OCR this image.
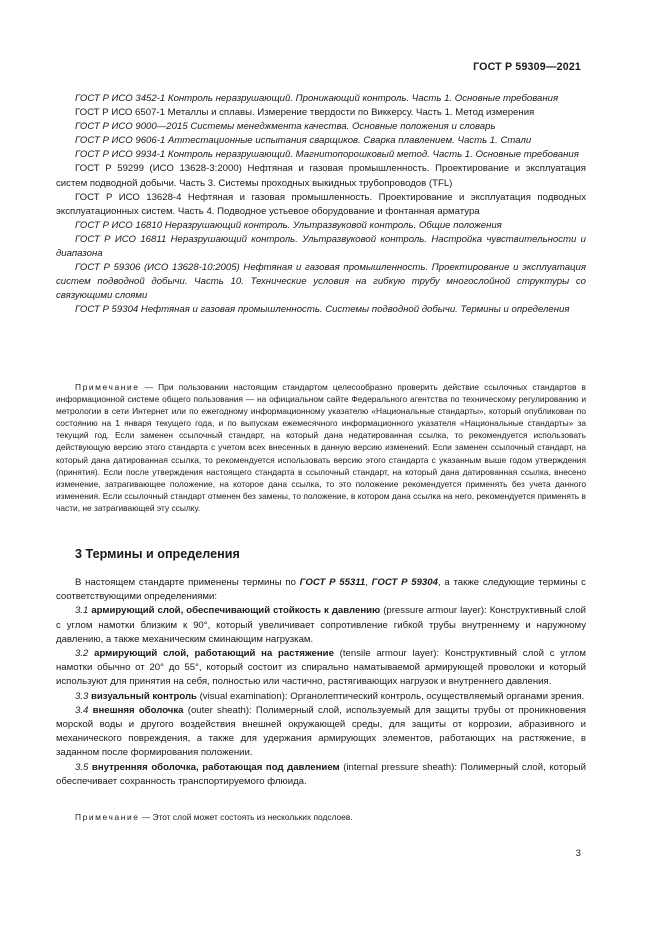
ГОСТ Р 59309—2021

ГОСТ Р ИСО 3452-1 Контроль неразрушающий. Проникающий контроль. Часть 1. Основные требования

ГОСТ Р ИСО 6507-1 Металлы и сплавы. Измерение твердости по Виккерсу. Часть 1. Метод измерения

ГОСТ Р ИСО 9000—2015 Системы менеджмента качества. Основные положения и словарь

ГОСТ Р ИСО 9606-1 Аттестационные испытания сварщиков. Сварка плавлением. Часть 1. Стали

ГОСТ Р ИСО 9934-1 Контроль неразрушающий. Магнитопорошковый метод. Часть 1. Основные требования

ГОСТ Р 59299 (ИСО 13628-3:2000) Нефтяная и газовая промышленность. Проектирование и эксплуатация систем подводной добычи. Часть 3. Системы проходных выкидных трубопроводов (TFL)

ГОСТ Р ИСО 13628-4 Нефтяная и газовая промышленность. Проектирование и эксплуатация подводных эксплуатационных систем. Часть 4. Подводное устьевое оборудование и фонтанная арматура

ГОСТ Р ИСО 16810 Неразрушающий контроль. Ультразвуковой контроль. Общие положения

ГОСТ Р ИСО 16811 Неразрушающий контроль. Ультразвуковой контроль. Настройка чувствительности и диапазона

ГОСТ Р 59306 (ИСО 13628-10:2005) Нефтяная и газовая промышленность. Проектирование и эксплуатация систем подводной добычи. Часть 10. Технические условия на гибкую трубу многослойной структуры со связующими слоями

ГОСТ Р 59304 Нефтяная и газовая промышленность. Системы подводной добычи. Термины и определения

Примечание — При пользовании настоящим стандартом целесообразно проверить действие ссылочных стандартов в информационной системе общего пользования — на официальном сайте Федерального агентства по техническому регулированию и метрологии в сети Интернет или по ежегодному информационному указателю «Национальные стандарты», который опубликован по состоянию на 1 января текущего года, и по выпускам ежемесячного информационного указателя «Национальные стандарты» за текущий год. Если заменен ссылочный стандарт, на который дана недатированная ссылка, то рекомендуется использовать действующую версию этого стандарта с учетом всех внесенных в данную версию изменений. Если заменен ссылочный стандарт, на который дана датированная ссылка, то рекомендуется использовать версию этого стандарта с указанным выше годом утверждения (принятия). Если после утверждения настоящего стандарта в ссылочный стандарт, на который дана датированная ссылка, внесено изменение, затрагивающее положение, на которое дана ссылка, то это положение рекомендуется применять без учета данного изменения. Если ссылочный стандарт отменен без замены, то положение, в котором дана ссылка на него, рекомендуется применять в части, не затрагивающей эту ссылку.

3 Термины и определения

В настоящем стандарте применены термины по ГОСТ Р 55311, ГОСТ Р 59304, а также следующие термины с соответствующими определениями:

3.1 армирующий слой, обеспечивающий стойкость к давлению (pressure armour layer): Конструктивный слой с углом намотки близким к 90°, который увеличивает сопротивление гибкой трубы внутреннему и наружному давлению, а также механическим сминающим нагрузкам.

3.2 армирующий слой, работающий на растяжение (tensile armour layer): Конструктивный слой с углом намотки обычно от 20° до 55°, который состоит из спирально наматываемой армирующей проволоки и который используют для принятия на себя, полностью или частично, растягивающих нагрузок и внутреннего давления.

3.3 визуальный контроль (visual examination): Органолептический контроль, осуществляемый органами зрения.

3.4 внешняя оболочка (outer sheath): Полимерный слой, используемый для защиты трубы от проникновения морской воды и другого воздействия внешней окружающей среды, для защиты от коррозии, абразивного и механического повреждения, а также для удержания армирующих элементов, работающих на растяжение, в заданном после формирования положении.

3.5 внутренняя оболочка, работающая под давлением (internal pressure sheath): Полимерный слой, который обеспечивает сохранность транспортируемого флюида.

Примечание — Этот слой может состоять из нескольких подслоев.

3
